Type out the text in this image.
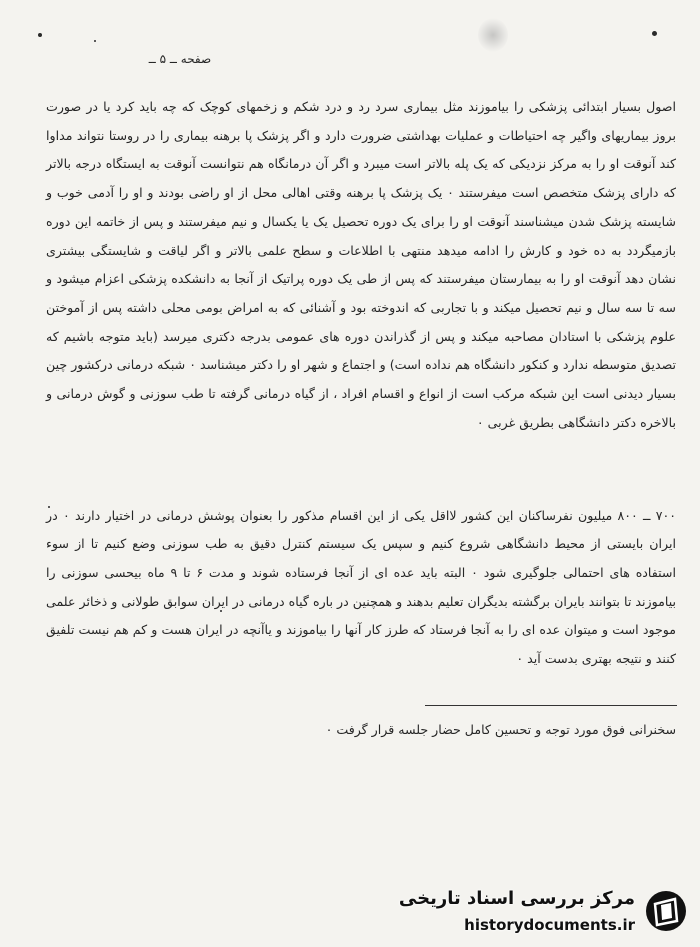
صفحه ــ ۵ ــ

اصول بسیار ابتدائی پزشکی را بیاموزند مثل بیماری سرد رد و درد شکم و زخمهای کوچک که چه باید کرد یا در صورت بروز بیماریهای واگیر چه احتیاطات و عملیات بهداشتی ضرورت دارد و اگر پزشک پا برهنه بیماری را در روستا نتواند مداوا کند آنوقت او را به مرکز نزدیکی که یک پله بالاتر است میبرد و اگر آن درمانگاه هم نتوانست آنوقت به ایستگاه درجه بالاتر که دارای پزشک متخصص است میفرستند ۰ یک پزشک پا برهنه وقتی اهالی محل از او راضی بودند و او را آدمی خوب و شایسته پزشک شدن میشناسند آنوقت او را برای یک دوره تحصیل یک یا یکسال و نیم میفرستند و پس از خاتمه این دوره بازمیگردد به ده خود و کارش را ادامه میدهد منتهی با اطلاعات و سطح علمی بالاتر و اگر لیاقت و شایستگی بیشتری نشان دهد آنوقت او را به بیمارستان میفرستند که پس از طی یک دوره پراتیک از آنجا به دانشکده پزشکی اعزام میشود و سه تا سه سال و نیم تحصیل میکند و با تجاربی که اندوخته بود و آشنائی که به امراض بومی محلی داشته پس از آموختن علوم پزشکی با استادان مصاحبه میکند و پس از گذراندن دوره های عمومی بدرجه دکتری میرسد (باید متوجه باشیم که تصدیق متوسطه ندارد و کنکور دانشگاه هم نداده است) و اجتماع و شهر او را دکتر میشناسد ۰ شبکه درمانی درکشور چین بسیار دیدنی است این شبکه مرکب است از انواع و اقسام افراد ، از گیاه درمانی گرفته تا طب سوزنی و گوش درمانی و بالاخره دکتر دانشگاهی بطریق غربی ۰

۷۰۰ ــ ۸۰۰ میلیون نفرساکنان این کشور لااقل یکی از این اقسام مذکور را بعنوان پوشش درمانی در اختیار دارند ۰ در ایران بایستی از محیط دانشگاهی شروع کنیم و سپس یک سیستم کنترل دقیق به طب سوزنی وضع کنیم تا از سوء استفاده های احتمالی جلوگیری شود ۰ البته باید عده ای از آنجا فرستاده شوند و مدت ۶ تا ۹ ماه بیحسی سوزنی را بیاموزند تا بتوانند بایران برگشته بدیگران تعلیم بدهند و همچنین در باره گیاه درمانی در ایران سوابق طولانی و ذخائر علمی موجود است و میتوان عده ای را به آنجا فرستاد که طرز کار آنها را بیاموزند و یاآنچه در ایران هست و کم هم نیست تلفیق کنند و نتیجه بهتری بدست آید ۰

سخنرانی فوق مورد توجه و تحسین کامل حضار جلسه قرار گرفت ۰
مرکز بررسی اسناد تاریخی
historydocuments.ir
